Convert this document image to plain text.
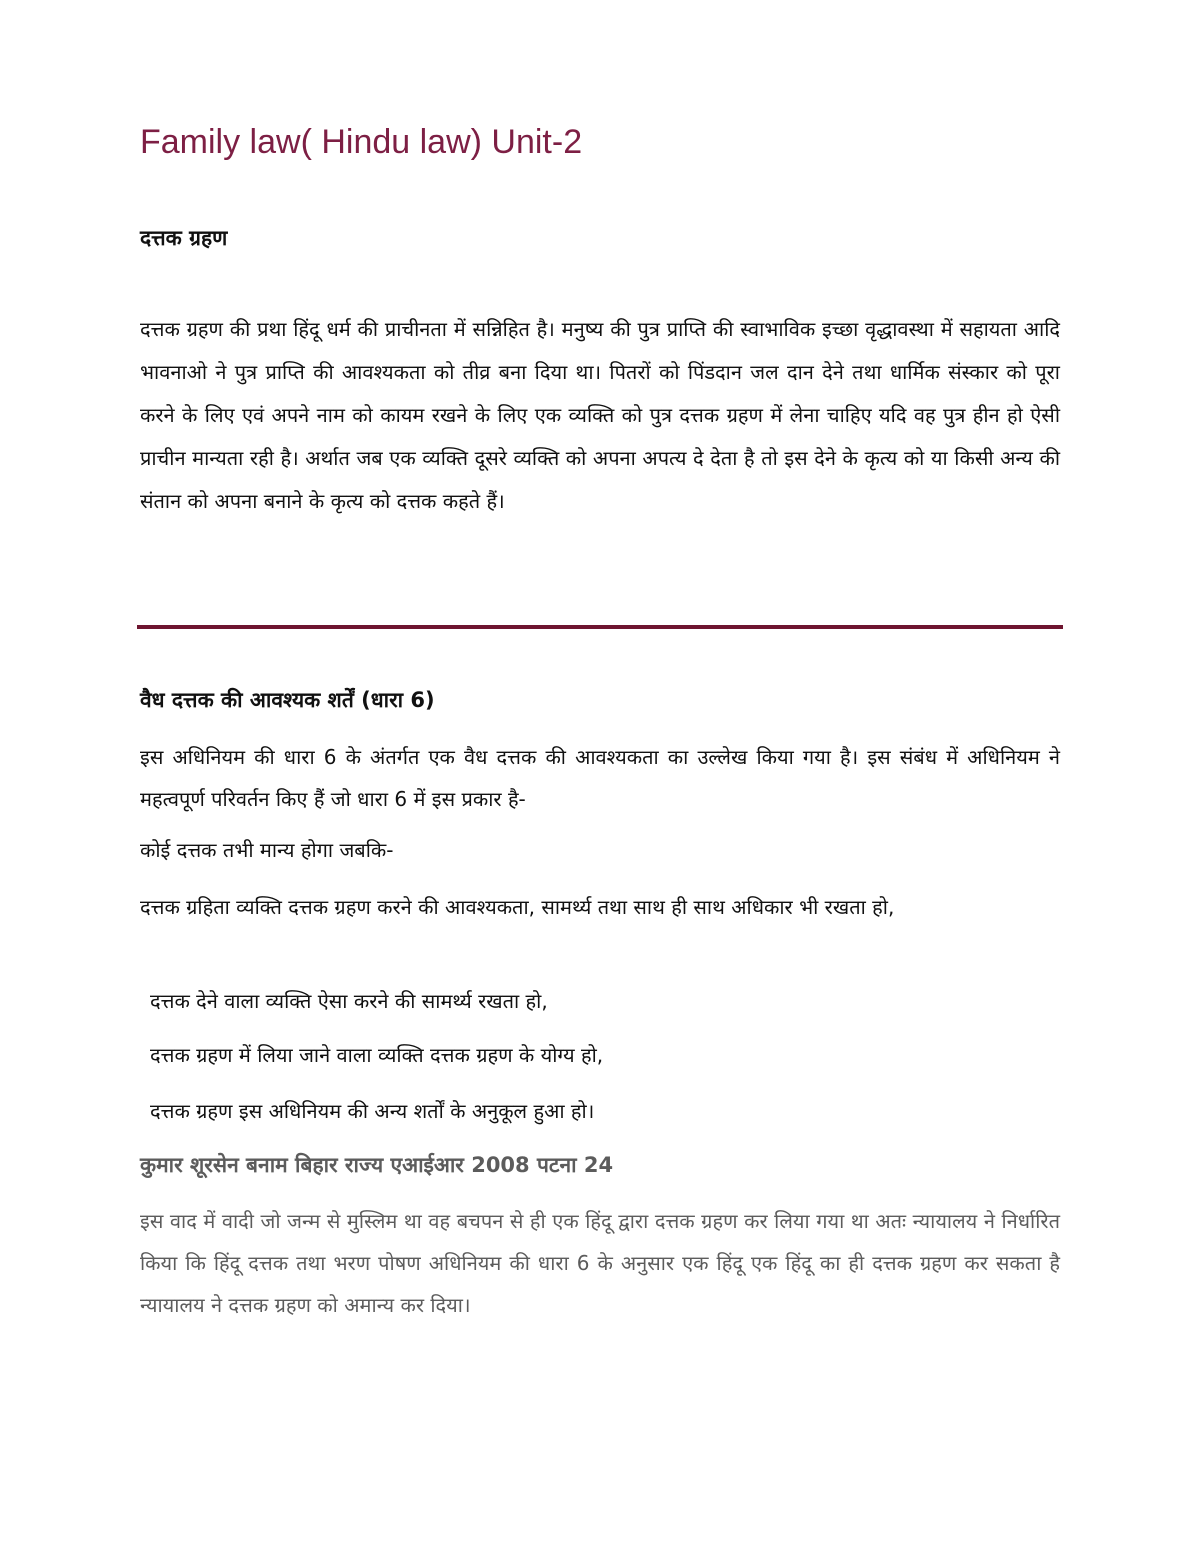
Family law( Hindu law) Unit-2
दत्तक ग्रहण

दत्तक ग्रहण की प्रथा हिंदू धर्म की प्राचीनता में सन्निहित है। मनुष्य की पुत्र प्राप्ति की स्वाभाविक इच्छा वृद्धावस्था में सहायता आदि भावनाओ ने पुत्र प्राप्ति की आवश्यकता को तीव्र बना दिया था। पितरों को पिंडदान जल दान देने तथा धार्मिक संस्कार को पूरा करने के लिए एवं अपने नाम को कायम रखने के लिए एक व्यक्ति को पुत्र दत्तक ग्रहण में लेना चाहिए यदि वह पुत्र हीन हो ऐसी प्राचीन मान्यता रही है। अर्थात जब एक व्यक्ति दूसरे व्यक्ति को अपना अपत्य दे देता है तो इस देने के कृत्य को या किसी अन्य की संतान को अपना बनाने के कृत्य को दत्तक कहते हैं।

वैध दत्तक की आवश्यक शर्तें (धारा 6)

इस अधिनियम की धारा 6 के अंतर्गत एक वैध दत्तक की आवश्यकता का उल्लेख किया गया है। इस संबंध में अधिनियम ने महत्वपूर्ण परिवर्तन किए हैं जो धारा 6 में इस प्रकार है-

कोई दत्तक तभी मान्य होगा जबकि-

दत्तक ग्रहिता व्यक्ति दत्तक ग्रहण करने की आवश्यकता, सामर्थ्य तथा साथ ही साथ अधिकार भी रखता हो,

दत्तक देने वाला व्यक्ति ऐसा करने की सामर्थ्य रखता हो,

दत्तक ग्रहण में लिया जाने वाला व्यक्ति दत्तक ग्रहण के योग्य हो,

दत्तक ग्रहण इस अधिनियम की अन्य शर्तों के अनुकूल हुआ हो।

कुमार शूरसेन बनाम बिहार राज्य एआईआर 2008 पटना 24

इस वाद में वादी जो जन्म से मुस्लिम था वह बचपन से ही एक हिंदू द्वारा दत्तक ग्रहण कर लिया गया था अतः न्यायालय ने निर्धारित किया कि हिंदू दत्तक तथा भरण पोषण अधिनियम की धारा 6 के अनुसार एक हिंदू एक हिंदू का ही दत्तक ग्रहण कर सकता है न्यायालय ने दत्तक ग्रहण को अमान्य कर दिया।
